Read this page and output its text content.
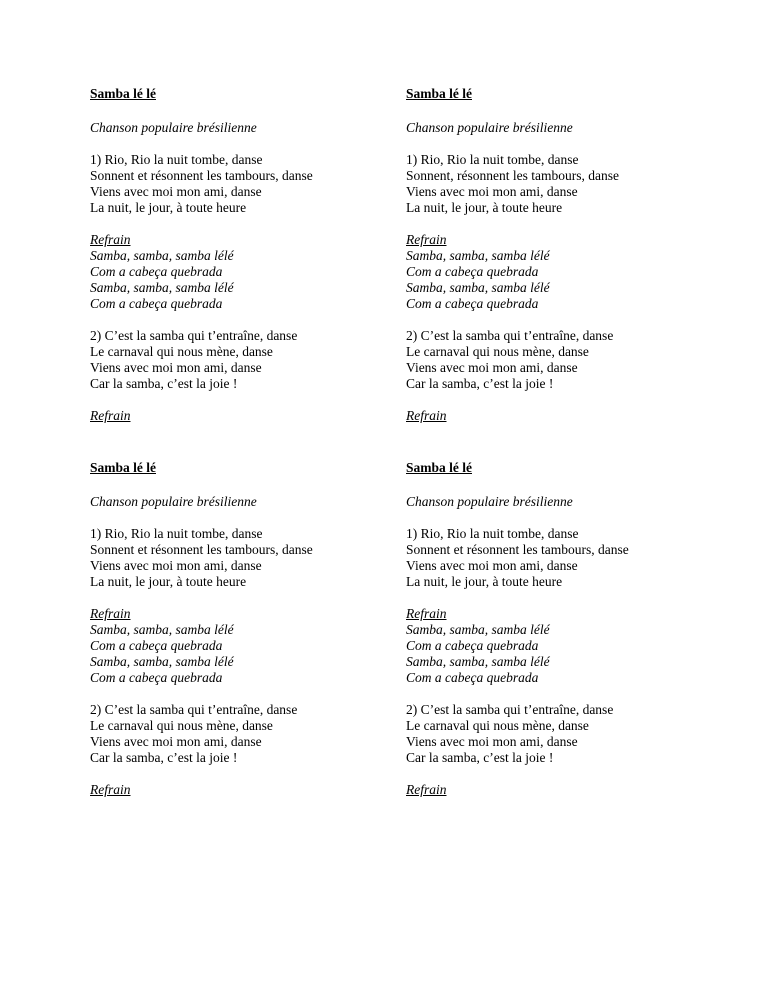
Samba lé lé
Chanson populaire brésilienne
1) Rio, Rio la nuit tombe, danse
Sonnent et résonnent les tambours, danse
Viens avec moi mon ami, danse
La nuit, le jour, à toute heure
Refrain
Samba, samba, samba lélé
Com a cabeça quebrada
Samba, samba, samba lélé
Com a cabeça quebrada
2) C’est la samba qui t’entraîne, danse
Le carnaval qui nous mène, danse
Viens avec moi mon ami, danse
Car la samba, c’est la joie !
Refrain
Samba lé lé
Chanson populaire brésilienne
1) Rio, Rio la nuit tombe, danse
Sonnent, résonnent les tambours, danse
Viens avec moi mon ami, danse
La nuit, le jour, à toute heure
Refrain
Samba, samba, samba lélé
Com a cabeça quebrada
Samba, samba, samba lélé
Com a cabeça quebrada
2) C’est la samba qui t’entraîne, danse
Le carnaval qui nous mène, danse
Viens avec moi mon ami, danse
Car la samba, c’est la joie !
Refrain
Samba lé lé
Chanson populaire brésilienne
1) Rio, Rio la nuit tombe, danse
Sonnent et résonnent les tambours, danse
Viens avec moi mon ami, danse
La nuit, le jour, à toute heure
Refrain
Samba, samba, samba lélé
Com a cabeça quebrada
Samba, samba, samba lélé
Com a cabeça quebrada
2) C’est la samba qui t’entraîne, danse
Le carnaval qui nous mène, danse
Viens avec moi mon ami, danse
Car la samba, c’est la joie !
Refrain
Samba lé lé
Chanson populaire brésilienne
1) Rio, Rio la nuit tombe, danse
Sonnent et résonnent les tambours, danse
Viens avec moi mon ami, danse
La nuit, le jour, à toute heure
Refrain
Samba, samba, samba lélé
Com a cabeça quebrada
Samba, samba, samba lélé
Com a cabeça quebrada
2) C’est la samba qui t’entraîne, danse
Le carnaval qui nous mène, danse
Viens avec moi mon ami, danse
Car la samba, c’est la joie !
Refrain
